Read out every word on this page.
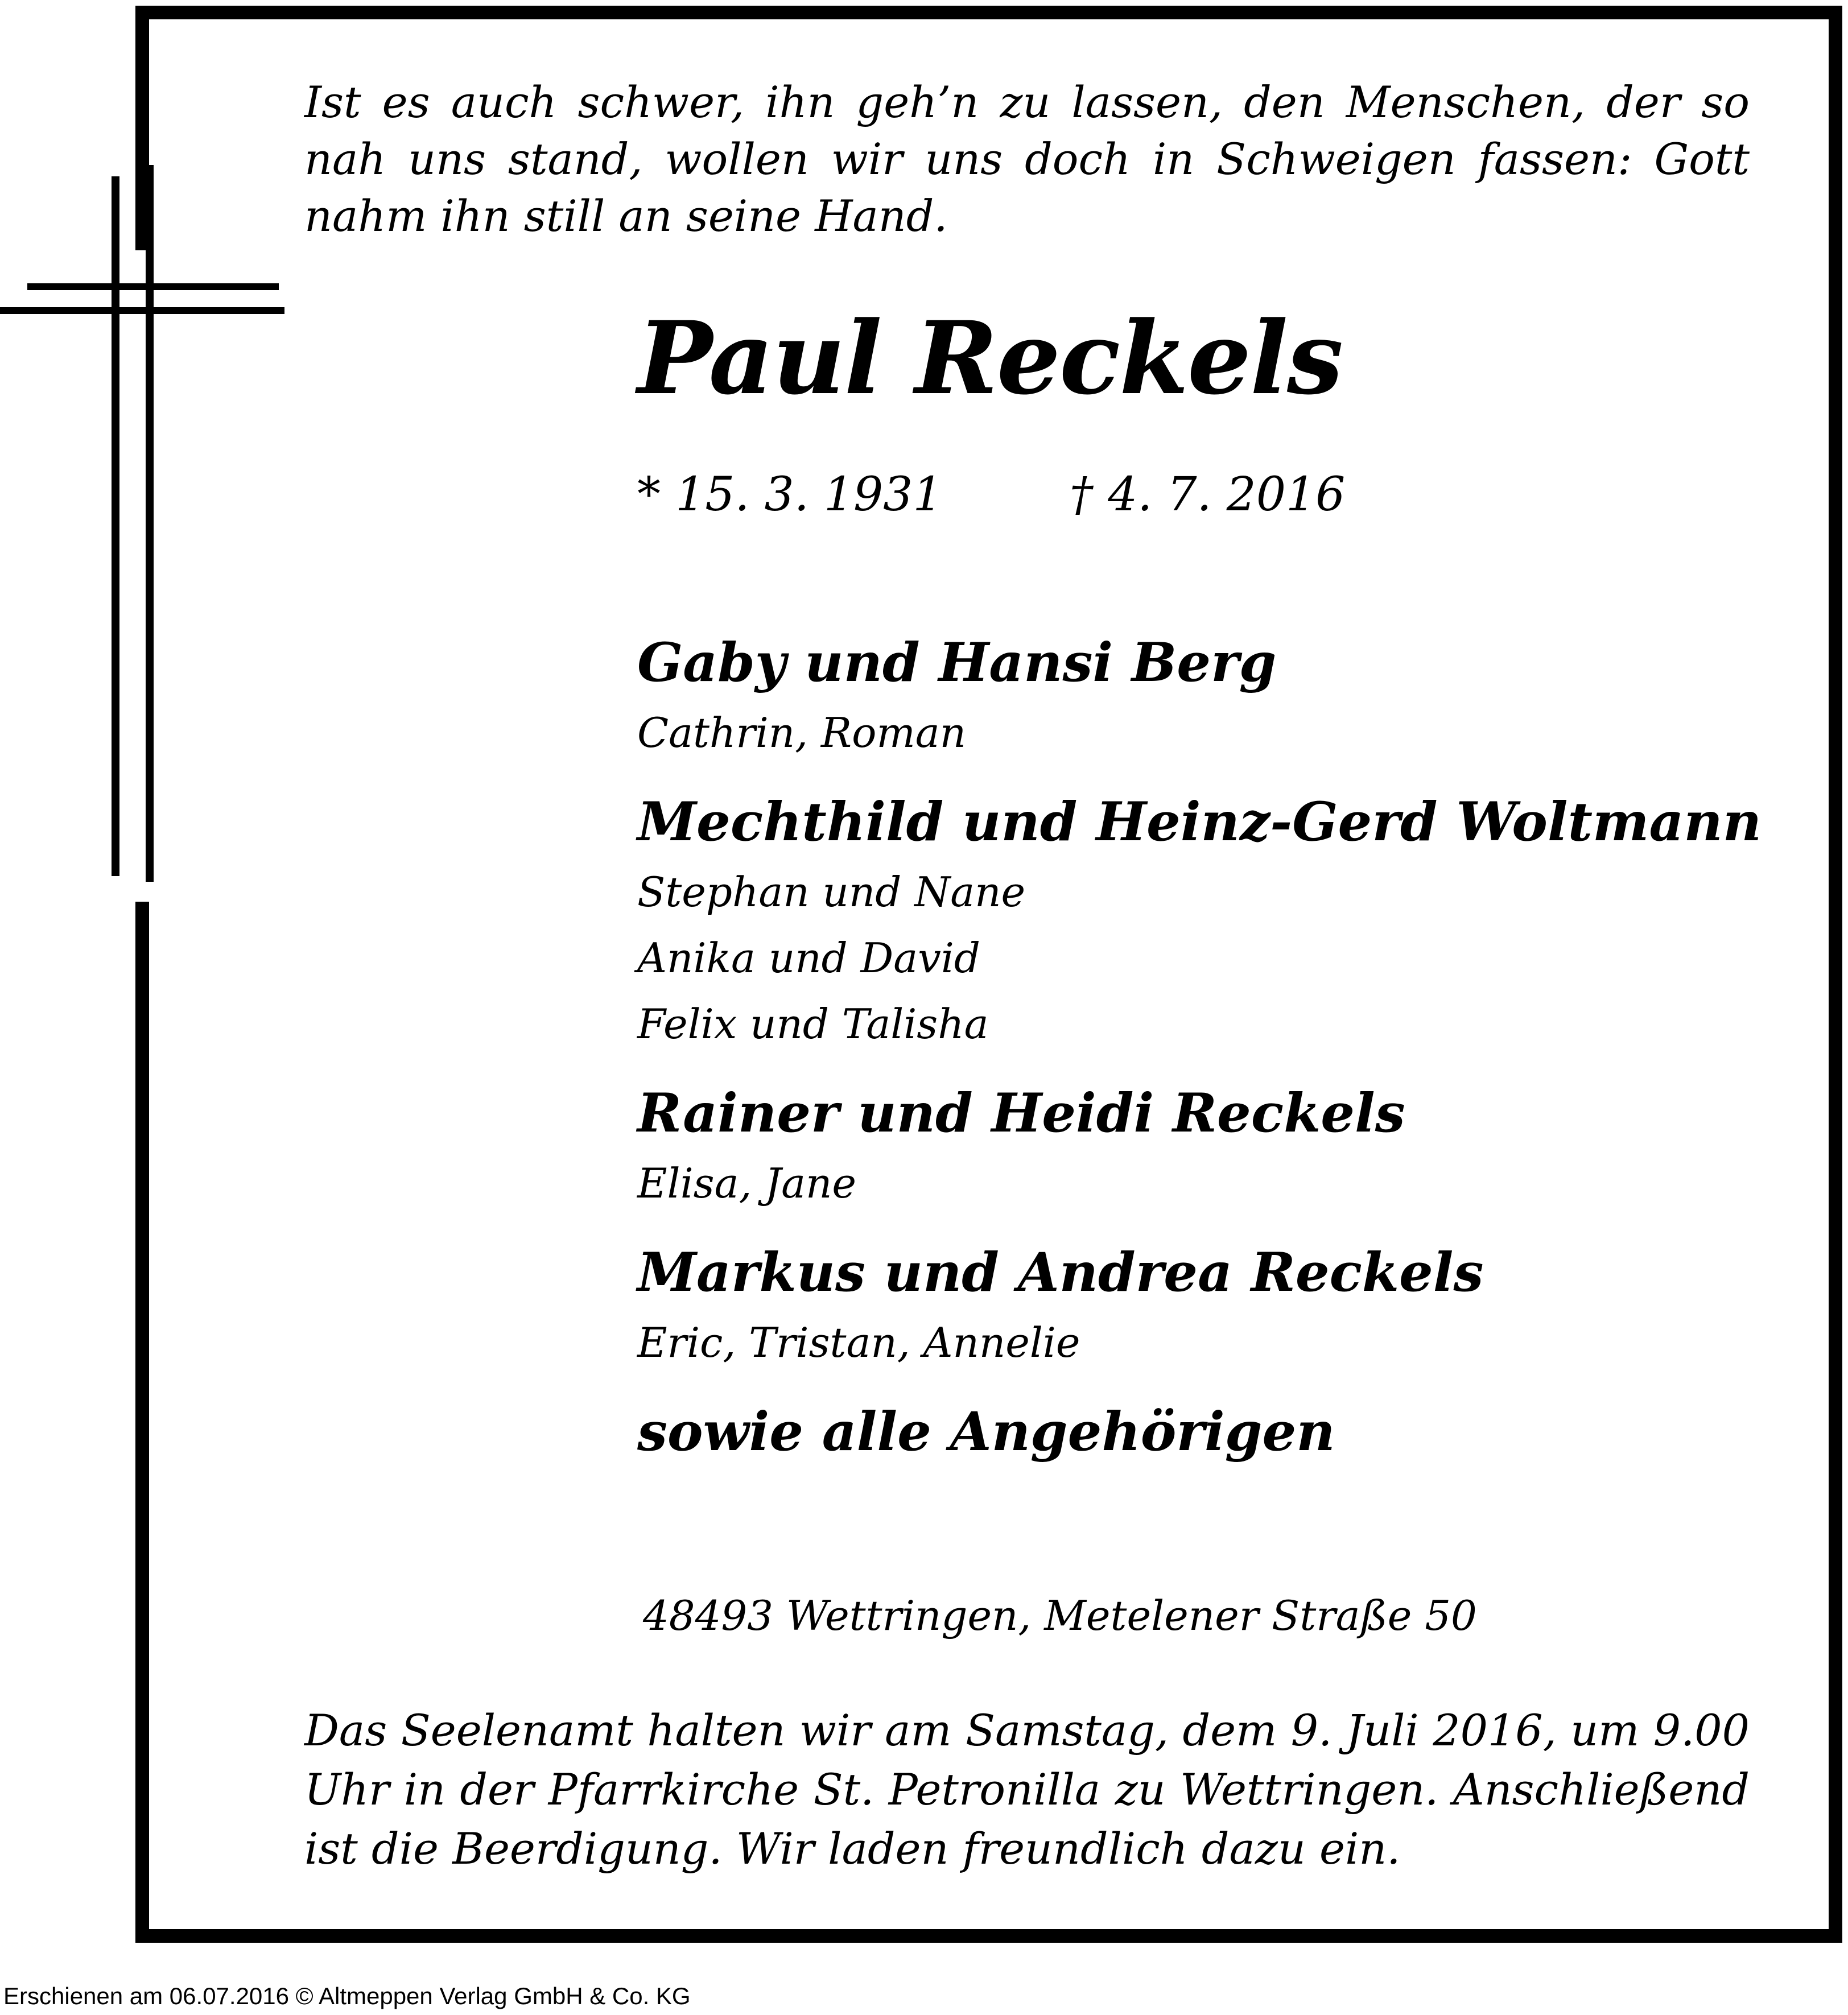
Ist es auch schwer, ihn geh’n zu lassen, den Menschen, der so nah uns stand, wollen wir uns doch in Schweigen fassen: Gott nahm ihn still an seine Hand.
Paul Reckels
* 15. 3. 1931	† 4. 7. 2016
Gaby und Hansi Berg
Cathrin, Roman
Mechthild und Heinz-Gerd Woltmann
Stephan und Nane
Anika und David
Felix und Talisha
Rainer und Heidi Reckels
Elisa, Jane
Markus und Andrea Reckels
Eric, Tristan, Annelie
sowie alle Angehörigen
48493 Wettringen, Metelener Straße 50
Das Seelenamt halten wir am Samstag, dem 9. Juli 2016, um 9.00 Uhr in der Pfarrkirche St. Petronilla zu Wettringen. Anschließend ist die Beerdigung. Wir laden freundlich dazu ein.
Erschienen am 06.07.2016 © Altmeppen Verlag GmbH & Co. KG
